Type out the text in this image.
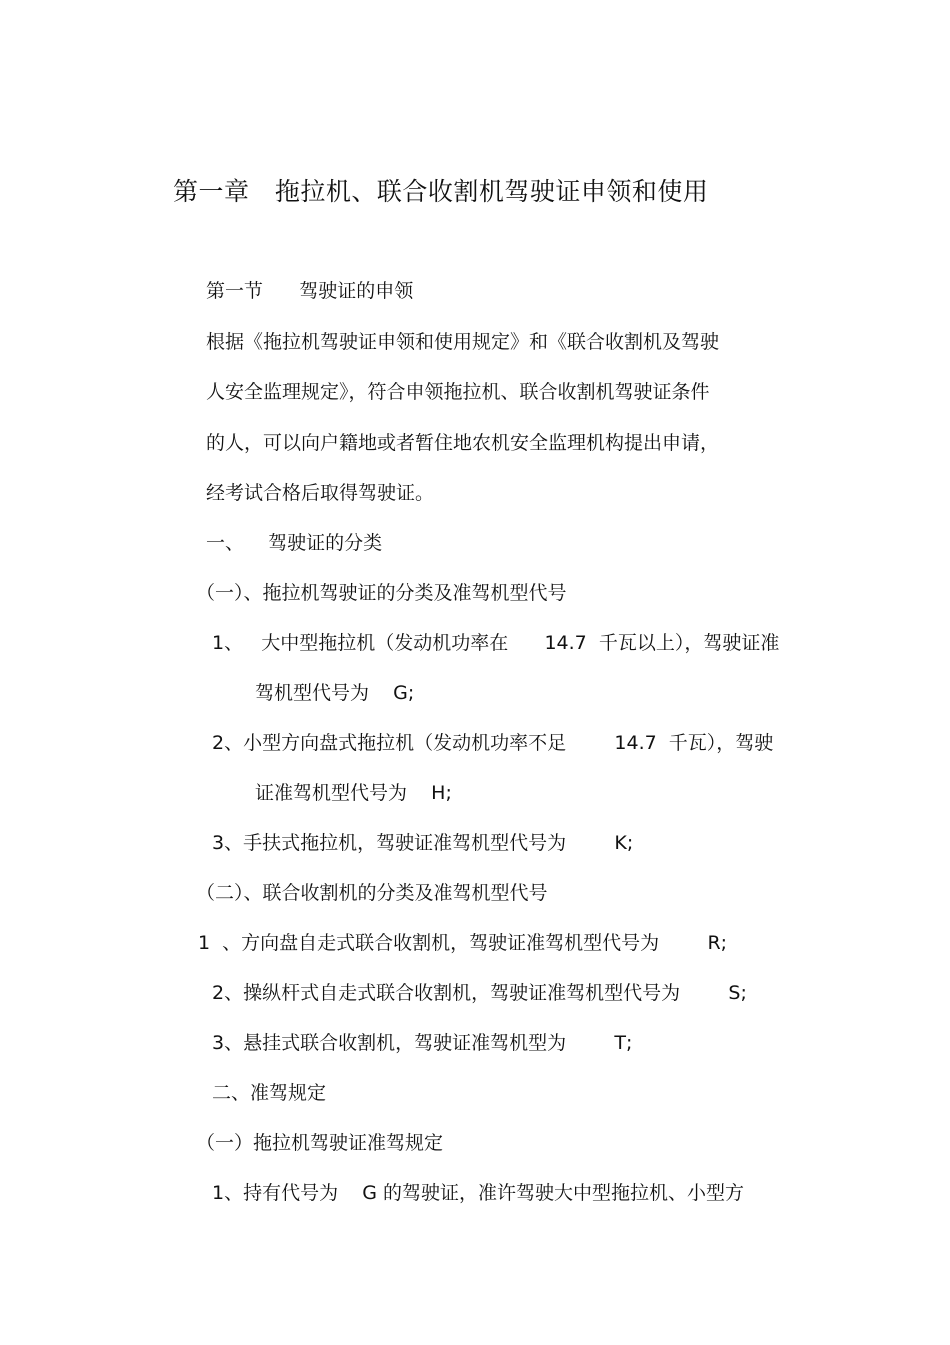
第一章   拖拉机、联合收割机驾驶证申领和使用

第一节      驾驶证的申领

根据《拖拉机驾驶证申领和使用规定》和《联合收割机及驾驶

人安全监理规定》，符合申领拖拉机、联合收割机驾驶证条件

的人，可以向户籍地或者暂住地农机安全监理机构提出申请，

经考试合格后取得驾驶证。

一、    驾驶证的分类

（一）、拖拉机驾驶证的分类及准驾机型代号

1、   大中型拖拉机（发动机功率在      14.7  千瓦以上），驾驶证准

驾机型代号为    G;

2、小型方向盘式拖拉机（发动机功率不足        14.7  千瓦），驾驶

证准驾机型代号为    H;

3、手扶式拖拉机，驾驶证准驾机型代号为        K;

（二）、联合收割机的分类及准驾机型代号

1  、方向盘自走式联合收割机，驾驶证准驾机型代号为        R;

2、操纵杆式自走式联合收割机，驾驶证准驾机型代号为        S;

3、悬挂式联合收割机，驾驶证准驾机型为        T;

二、准驾规定

（一）拖拉机驾驶证准驾规定

1、持有代号为    G 的驾驶证，准许驾驶大中型拖拉机、小型方
